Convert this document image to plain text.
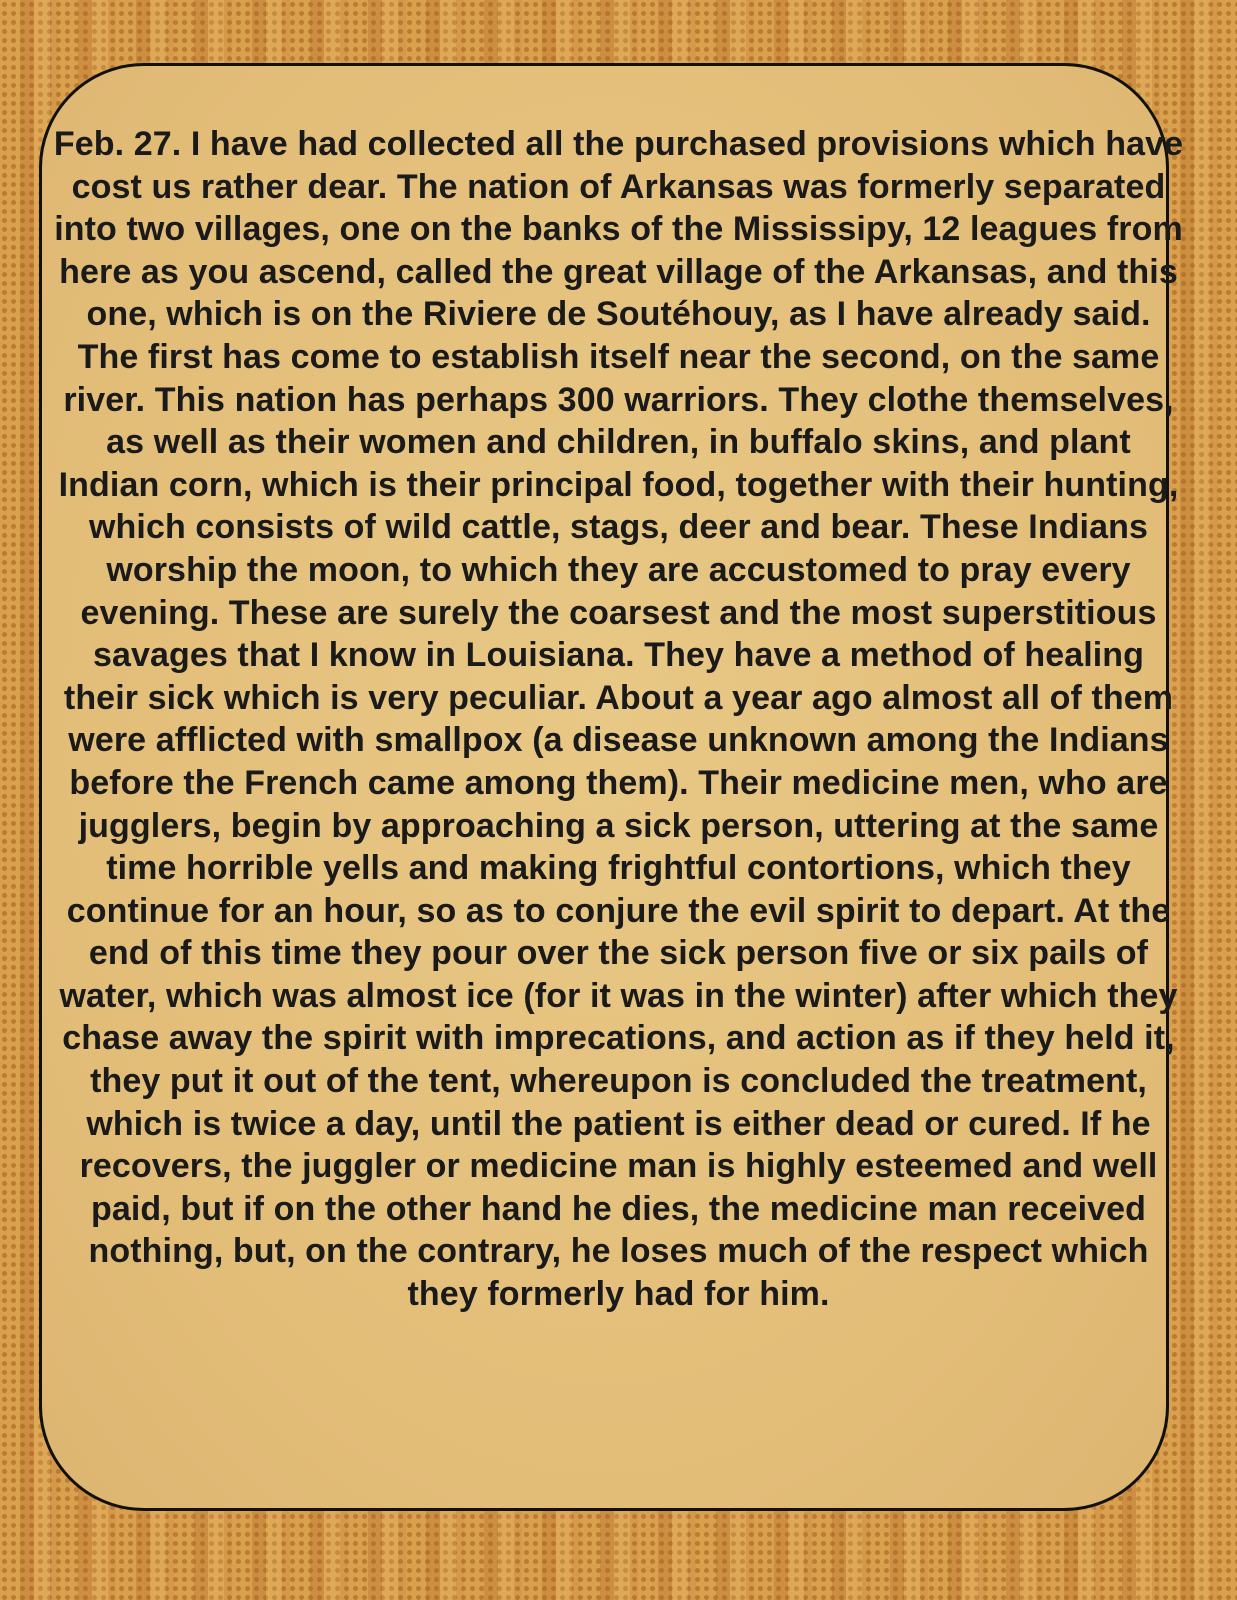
Feb. 27. I have had collected all the purchased provisions which have cost us rather dear. The nation of Arkansas was formerly separated into two villages, one on the banks of the Mississipy, 12 leagues from here as you ascend, called the great village of the Arkansas, and this one, which is on the Riviere de Soutéhouy, as I have already said. The first has come to establish itself near the second, on the same river. This nation has perhaps 300 warriors. They clothe themselves, as well as their women and children, in buffalo skins, and plant Indian corn, which is their principal food, together with their hunting, which consists of wild cattle, stags, deer and bear. These Indians worship the moon, to which they are accustomed to pray every evening. These are surely the coarsest and the most superstitious savages that I know in Louisiana. They have a method of healing their sick which is very peculiar. About a year ago almost all of them were afflicted with smallpox (a disease unknown among the Indians before the French came among them). Their medicine men, who are jugglers, begin by approaching a sick person, uttering at the same time horrible yells and making frightful contortions, which they continue for an hour, so as to conjure the evil spirit to depart. At the end of this time they pour over the sick person five or six pails of water, which was almost ice (for it was in the winter) after which they chase away the spirit with imprecations, and action as if they held it, they put it out of the tent, whereupon is concluded the treatment, which is twice a day, until the patient is either dead or cured. If he recovers, the juggler or medicine man is highly esteemed and well paid, but if on the other hand he dies, the medicine man received nothing, but, on the contrary, he loses much of the respect which they formerly had for him.
